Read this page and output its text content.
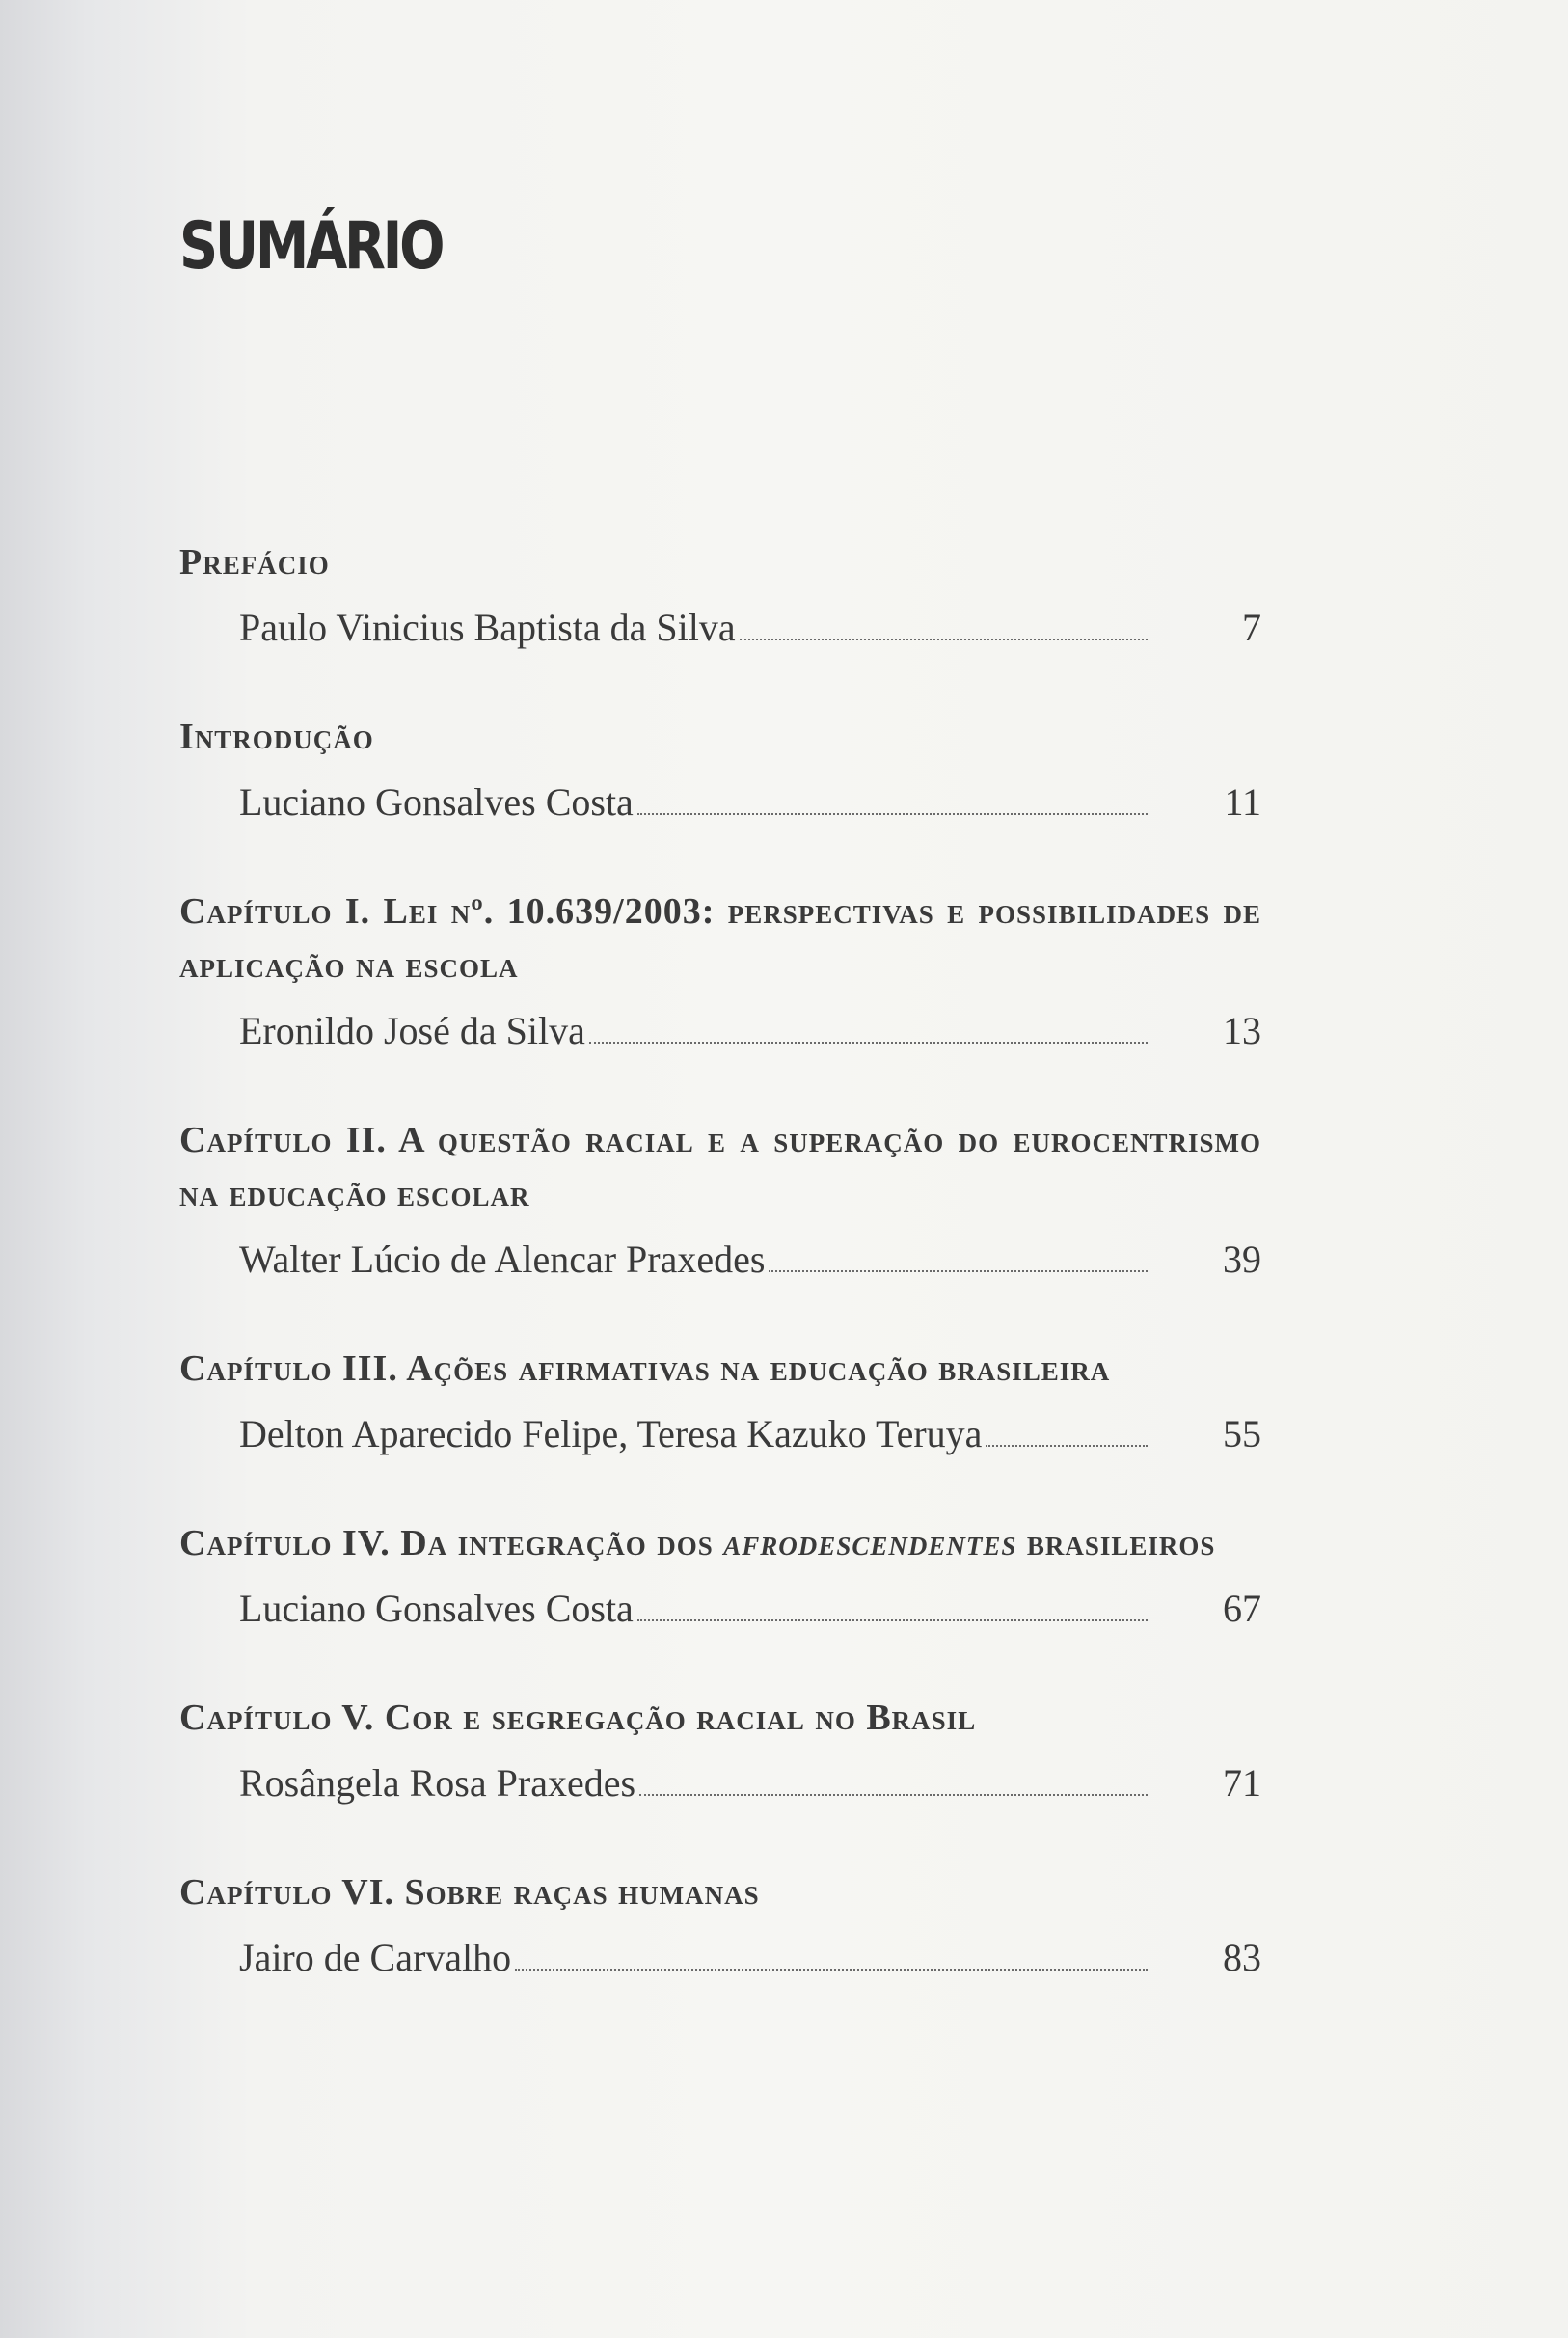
SUMÁRIO
Prefácio
Paulo Vinicius Baptista da Silva	7
Introdução
Luciano Gonsalves Costa	11
Capítulo I. Lei nº. 10.639/2003: perspectivas e possibilidades de aplicação na escola
Eronildo José da Silva	13
Capítulo II. A questão racial e a superação do eurocentrismo na educação escolar
Walter Lúcio de Alencar Praxedes	39
Capítulo III. Ações afirmativas na educação brasileira
Delton Aparecido Felipe, Teresa Kazuko Teruya	55
Capítulo IV. Da integração dos afrodescendentes brasileiros
Luciano Gonsalves Costa	67
Capítulo V. Cor e segregação racial no Brasil
Rosângela Rosa Praxedes	71
Capítulo VI. Sobre raças humanas
Jairo de Carvalho	83
